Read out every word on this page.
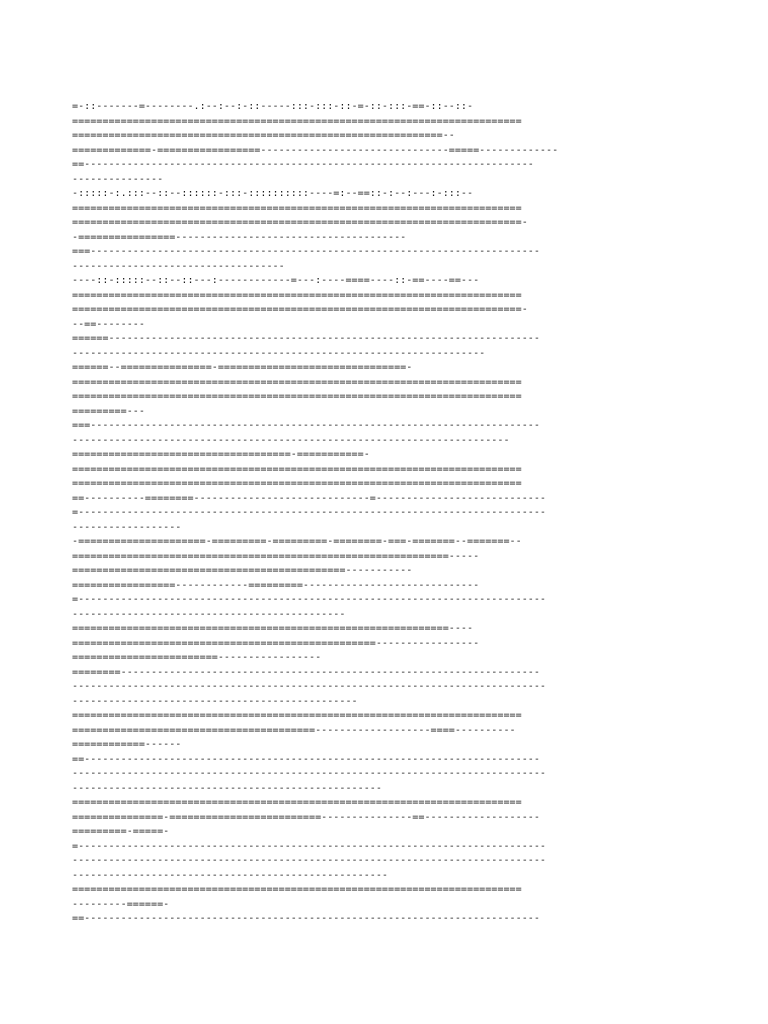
=-::-------=--------.:--:--:-::-----:::-:::-::-=-::-:::-==-::--::-
==========================================================================
=============================================================--
=============-=================-------------------------------=====-------------
==--------------------------------------------------------------------------
---------------
-:::::-:.:::--::--::::::-:::-::::::::::----=:--==::-:--:---:-:::--
==========================================================================
==========================================================================-
-================--------------------------------------
===--------------------------------------------------------------------------
-----------------------------------
----::-:::::--::--::---:------------=---:----====----::-==----==---
==========================================================================
==========================================================================-
--==--------
======-----------------------------------------------------------------------
--------------------------------------------------------------------
======--===============-===============================-
==========================================================================
==========================================================================
=========---
===--------------------------------------------------------------------------
------------------------------------------------------------------------
====================================-===========-
==========================================================================
==========================================================================
==----------========-----------------------------=----------------------------
=-----------------------------------------------------------------------------
------------------
-=====================-=========-=========-========-===-=======--=======--
==============================================================-----
=============================================-----------
=================------------=========-----------------------------
=-----------------------------------------------------------------------------
---------------------------------------------
==============================================================----
==================================================-----------------
========================-----------------
========---------------------------------------------------------------------
------------------------------------------------------------------------------
-----------------------------------------------
==========================================================================
========================================-------------------====----------
============------
==---------------------------------------------------------------------------
------------------------------------------------------------------------------
---------------------------------------------------
==========================================================================
===============-=========================---------------==-------------------
=========-=====-
=-----------------------------------------------------------------------------
------------------------------------------------------------------------------
----------------------------------------------------
==========================================================================
---------======-
==---------------------------------------------------------------------------
